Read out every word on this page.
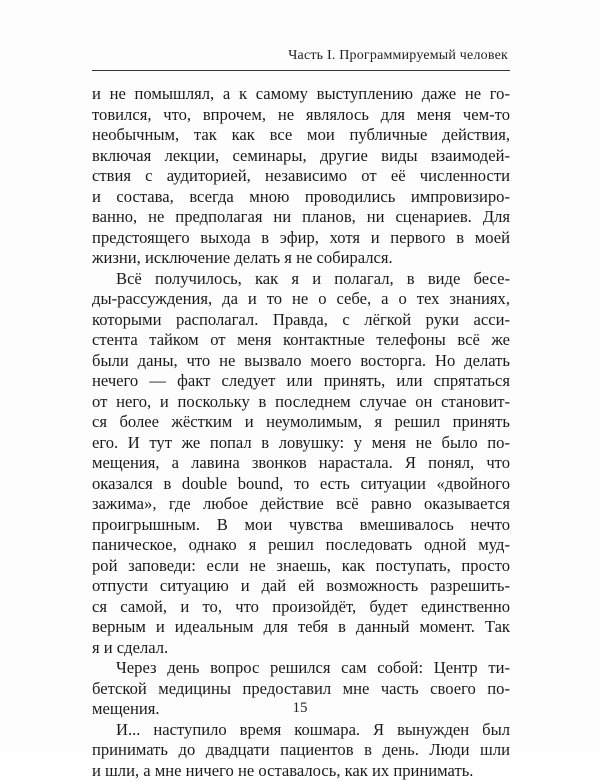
Часть I. Программируемый человек
и не помышлял, а к самому выступлению даже не го-
товился, что, впрочем, не являлось для меня чем-то
необычным, так как все мои публичные действия,
включая лекции, семинары, другие виды взаимодей-
ствия с аудиторией, независимо от её численности
и состава, всегда мною проводились импровизиро-
ванно, не предполагая ни планов, ни сценариев. Для
предстоящего выхода в эфир, хотя и первого в моей
жизни, исключение делать я не собирался.
Всё получилось, как я и полагал, в виде бесе-
ды-рассуждения, да и то не о себе, а о тех знаниях,
которыми располагал. Правда, с лёгкой руки асси-
стента тайком от меня контактные телефоны всё же
были даны, что не вызвало моего восторга. Но делать
нечего — факт следует или принять, или спрятаться
от него, и поскольку в последнем случае он становит-
ся более жёстким и неумолимым, я решил принять
его. И тут же попал в ловушку: у меня не было по-
мещения, а лавина звонков нарастала. Я понял, что
оказался в double bound, то есть ситуации «двойного
зажима», где любое действие всё равно оказывается
проигрышным. В мои чувства вмешивалось нечто
паническое, однако я решил последовать одной муд-
рой заповеди: если не знаешь, как поступать, просто
отпусти ситуацию и дай ей возможность разрешить-
ся самой, и то, что произойдёт, будет единственно
верным и идеальным для тебя в данный момент. Так
я и сделал.
Через день вопрос решился сам собой: Центр ти-
бетской медицины предоставил мне часть своего по-
мещения.
И... наступило время кошмара. Я вынужден был
принимать до двадцати пациентов в день. Люди шли
и шли, а мне ничего не оставалось, как их принимать.
15
